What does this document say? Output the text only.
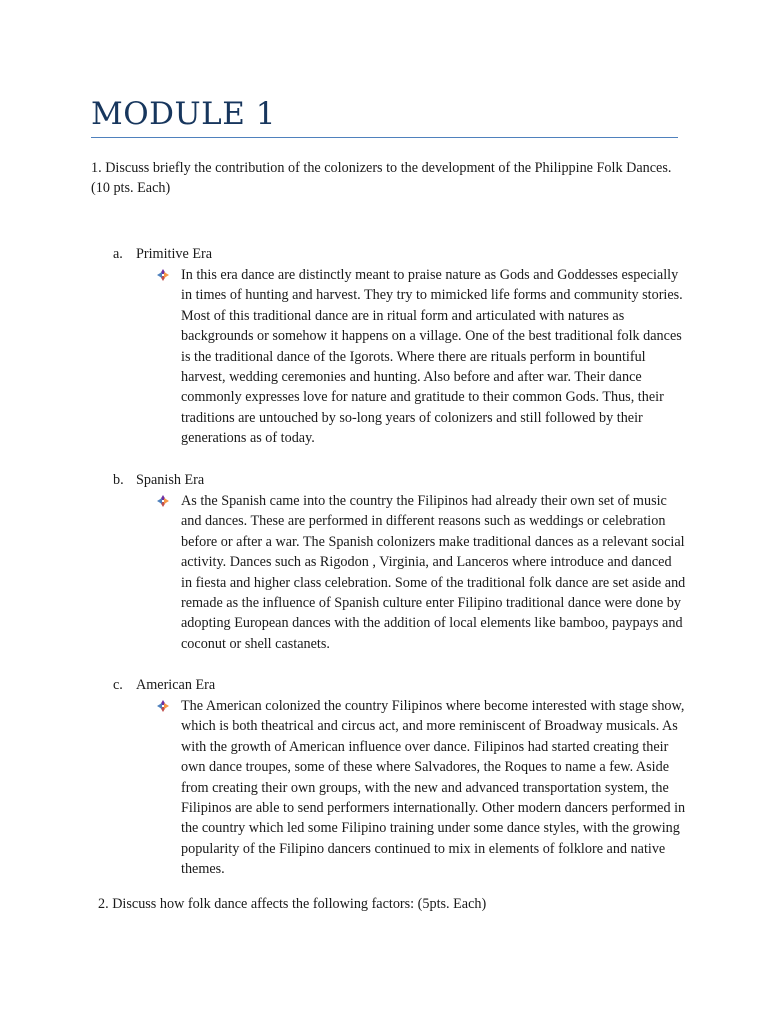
MODULE 1

1. Discuss briefly the contribution of the colonizers to the development of the Philippine Folk Dances. (10 pts. Each)

a. Primitive Era

In this era dance are distinctly meant to praise nature as Gods and Goddesses especially in times of hunting and harvest. They try to mimicked life forms and community stories. Most of this traditional dance are in ritual form and articulated with natures as backgrounds or somehow it happens on a village. One of the best traditional folk dances is the traditional dance of the Igorots. Where there are rituals perform in bountiful harvest, wedding ceremonies and hunting. Also before and after war. Their dance commonly expresses love for nature and gratitude to their common Gods. Thus, their traditions are untouched by so-long years of colonizers and still followed by their generations as of today.

b. Spanish Era

As the Spanish came into the country the Filipinos had already their own set of music and dances. These are performed in different reasons such as weddings or celebration before or after a war. The Spanish colonizers make traditional dances as a relevant social activity. Dances such as Rigodon , Virginia, and Lanceros where introduce and danced in fiesta and higher class celebration. Some of the traditional folk dance are set aside and remade as the influence of Spanish culture enter Filipino traditional dance were done by adopting European dances with the addition of local elements like bamboo, paypays and coconut or shell castanets.

c. American Era

The American colonized the country Filipinos where become interested with stage show, which is both theatrical and circus act, and more reminiscent of Broadway musicals. As with the growth of American influence over dance. Filipinos had started creating their own dance troupes, some of these where Salvadores, the Roques to name a few. Aside from creating their own groups, with the new and advanced transportation system, the Filipinos are able to send performers internationally. Other modern dancers performed in the country which led some Filipino training under some dance styles, with the growing popularity of the Filipino dancers continued to mix in elements of folklore and native themes.

2. Discuss how folk dance affects the following factors: (5pts. Each)
